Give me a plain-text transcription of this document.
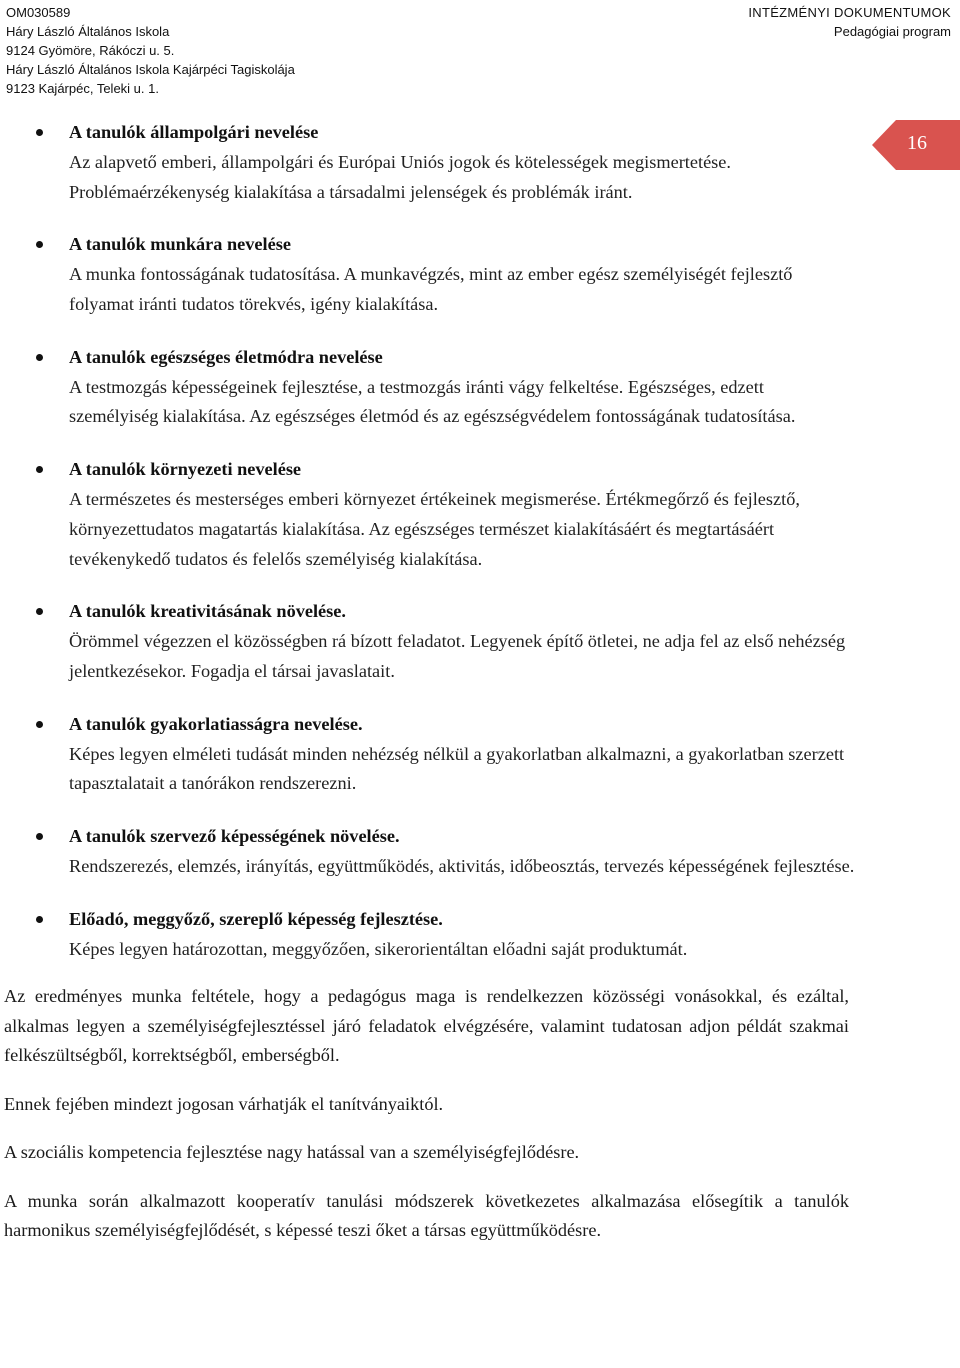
OM030589
Háry László Általános Iskola
9124 Gyömöre, Rákóczi u. 5.
Háry László Általános Iskola Kajárpéci Tagiskolája
9123 Kajárpéc, Teleki u. 1.
INTÉZMÉNYI DOKUMENTUMOK
Pedagógiai program
16
A tanulók állampolgári nevelése
Az alapvető emberi, állampolgári és Európai Uniós jogok és kötelességek megismertetése. Problémaérzékenység kialakítása a társadalmi jelenségek és problémák iránt.
A tanulók munkára nevelése
A munka fontosságának tudatosítása. A munkavégzés, mint az ember egész személyiségét fejlesztő folyamat iránti tudatos törekvés, igény kialakítása.
A tanulók egészséges életmódra nevelése
A testmozgás képességeinek fejlesztése, a testmozgás iránti vágy felkeltése. Egészséges, edzett személyiség kialakítása. Az egészséges életmód és az egészségvédelem fontosságának tudatosítása.
A tanulók környezeti nevelése
A természetes és mesterséges emberi környezet értékeinek megismerése. Értékmegőrző és fejlesztő, környezettudatos magatartás kialakítása. Az egészséges természet kialakításáért és megtartásáért tevékenykedő tudatos és felelős személyiség kialakítása.
A tanulók kreativitásának növelése.
Örömmel végezzen el közösségben rá bízott feladatot. Legyenek építő ötletei, ne adja fel az első nehézség jelentkezésekor. Fogadja el társai javaslatait.
A tanulók gyakorlatiasságra nevelése.
Képes legyen elméleti tudását minden nehézség nélkül a gyakorlatban alkalmazni, a gyakorlatban szerzett tapasztalatait a tanórákon rendszerezni.
A tanulók szervező képességének növelése.
Rendszerezés, elemzés, irányítás, együttműködés, aktivitás, időbeosztás, tervezés képességének fejlesztése.
Előadó, meggyőző, szereplő képesség fejlesztése.
Képes legyen határozottan, meggyőzően, sikerorientáltan előadni saját produktumát.

Az eredményes munka feltétele, hogy a pedagógus maga is rendelkezzen közösségi vonásokkal, és ezáltal, alkalmas legyen a személyiségfejlesztéssel járó feladatok elvégzésére, valamint tudatosan adjon példát szakmai felkészültségből, korrektségből, emberségből.

Ennek fejében mindezt jogosan várhatják el tanítványaiktól.

A szociális kompetencia fejlesztése nagy hatással van a személyiségfejlődésre.

A munka során alkalmazott kooperatív tanulási módszerek következetes alkalmazása elősegítik a tanulók harmonikus személyiségfejlődését, s képessé teszi őket a társas együttműködésre.
